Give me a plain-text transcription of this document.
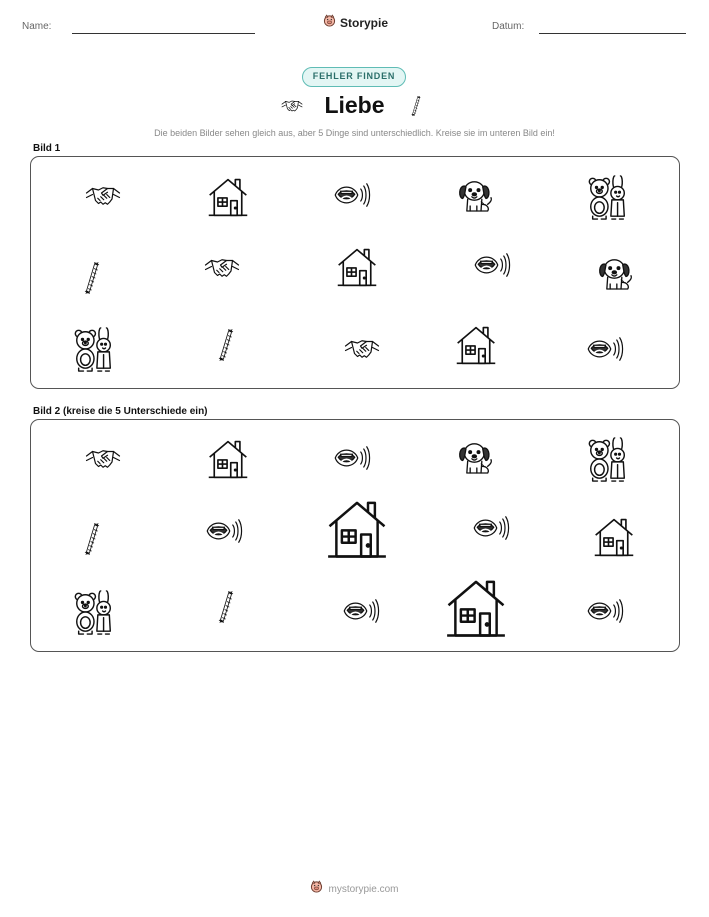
Name:	Storypie	Datum:
FEHLER FINDEN
Liebe
Die beiden Bilder sehen gleich aus, aber 5 Dinge sind unterschiedlich. Kreise sie im unteren Bild ein!
Bild 1
Bild 2 (kreise die 5 Unterschiede ein)
mystorypie.com
